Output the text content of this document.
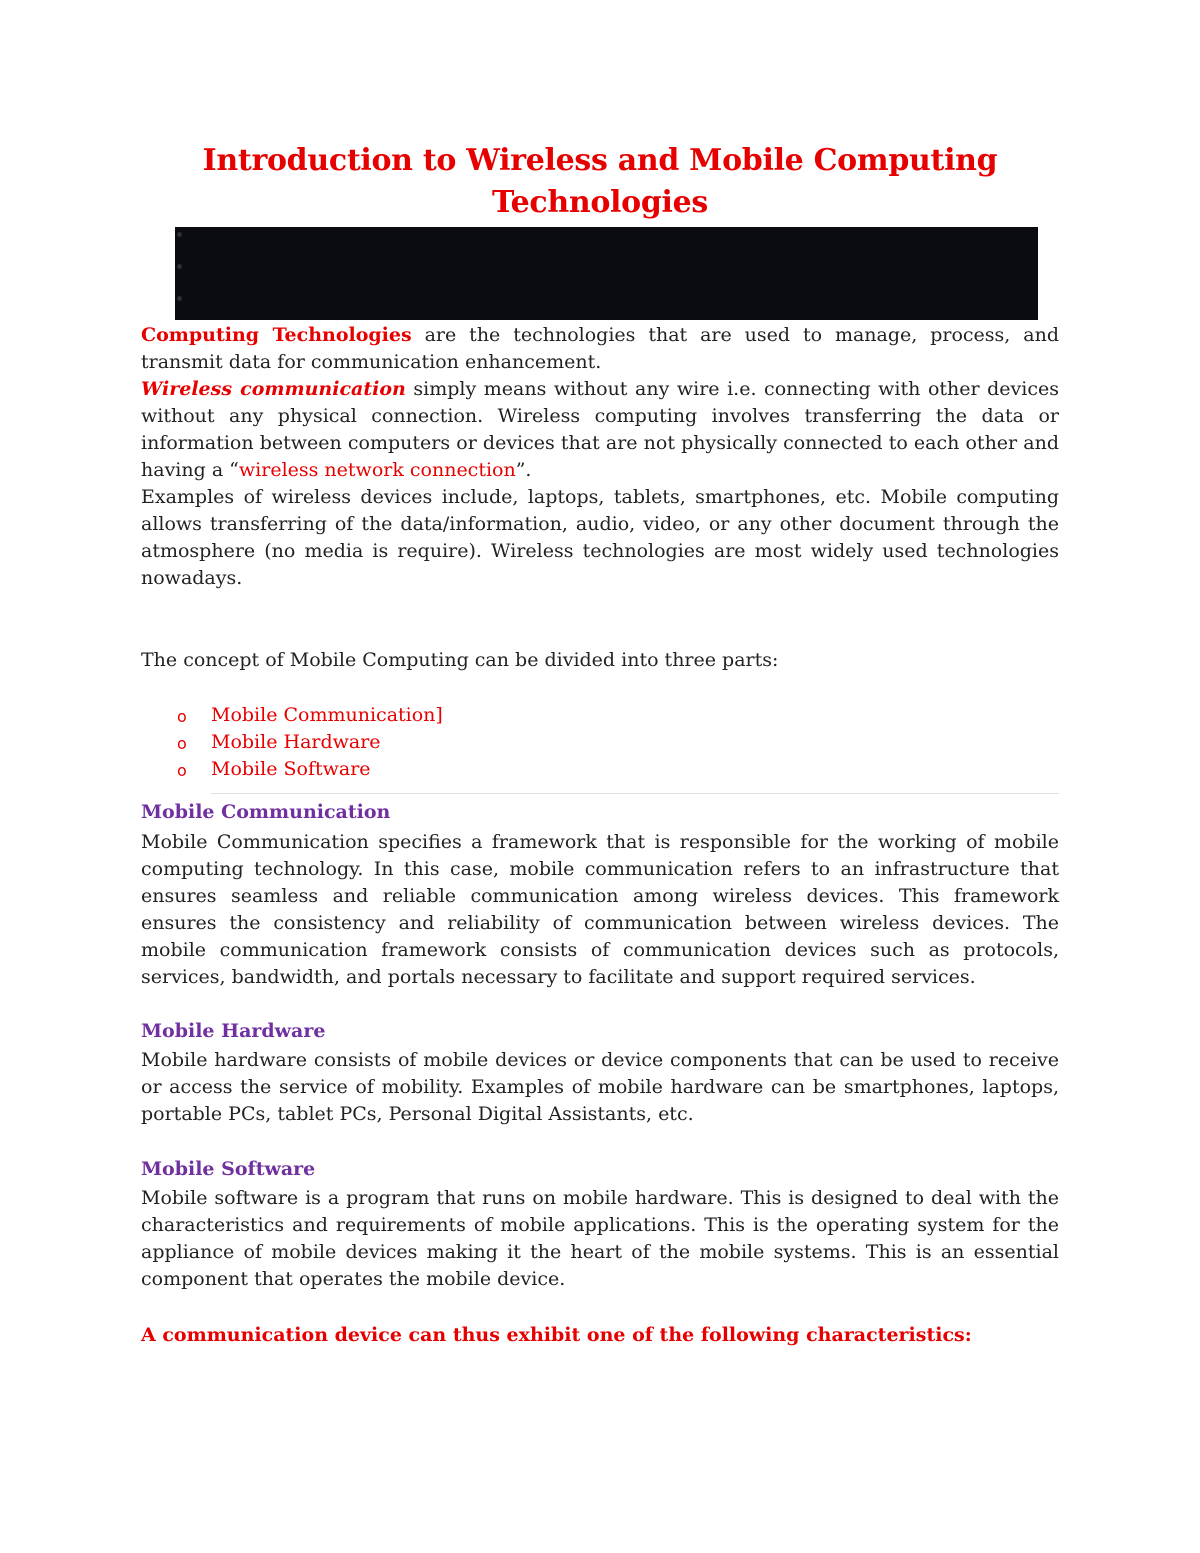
Introduction to Wireless and Mobile Computing
Technologies

Computing Technologies are the technologies that are used to manage, process, and transmit data for communication enhancement.
Wireless communication simply means without any wire i.e. connecting with other devices without any physical connection. Wireless computing involves transferring the data or information between computers or devices that are not physically connected to each other and having a “wireless network connection”.
Examples of wireless devices include, laptops, tablets, smartphones, etc. Mobile computing allows transferring of the data/information, audio, video, or any other document through the atmosphere (no media is require). Wireless technologies are most widely used technologies nowadays.

The concept of Mobile Computing can be divided into three parts:

o Mobile Communication]
o Mobile Hardware
o Mobile Software
Mobile Communication

Mobile Communication specifies a framework that is responsible for the working of mobile computing technology. In this case, mobile communication refers to an infrastructure that ensures seamless and reliable communication among wireless devices. This framework ensures the consistency and reliability of communication between wireless devices. The mobile communication framework consists of communication devices such as protocols, services, bandwidth, and portals necessary to facilitate and support required services.

Mobile Hardware

Mobile hardware consists of mobile devices or device components that can be used to receive or access the service of mobility. Examples of mobile hardware can be smartphones, laptops, portable PCs, tablet PCs, Personal Digital Assistants, etc.

Mobile Software

Mobile software is a program that runs on mobile hardware. This is designed to deal with the characteristics and requirements of mobile applications. This is the operating system for the appliance of mobile devices making it the heart of the mobile systems. This is an essential component that operates the mobile device.

A communication device can thus exhibit one of the following characteristics:
